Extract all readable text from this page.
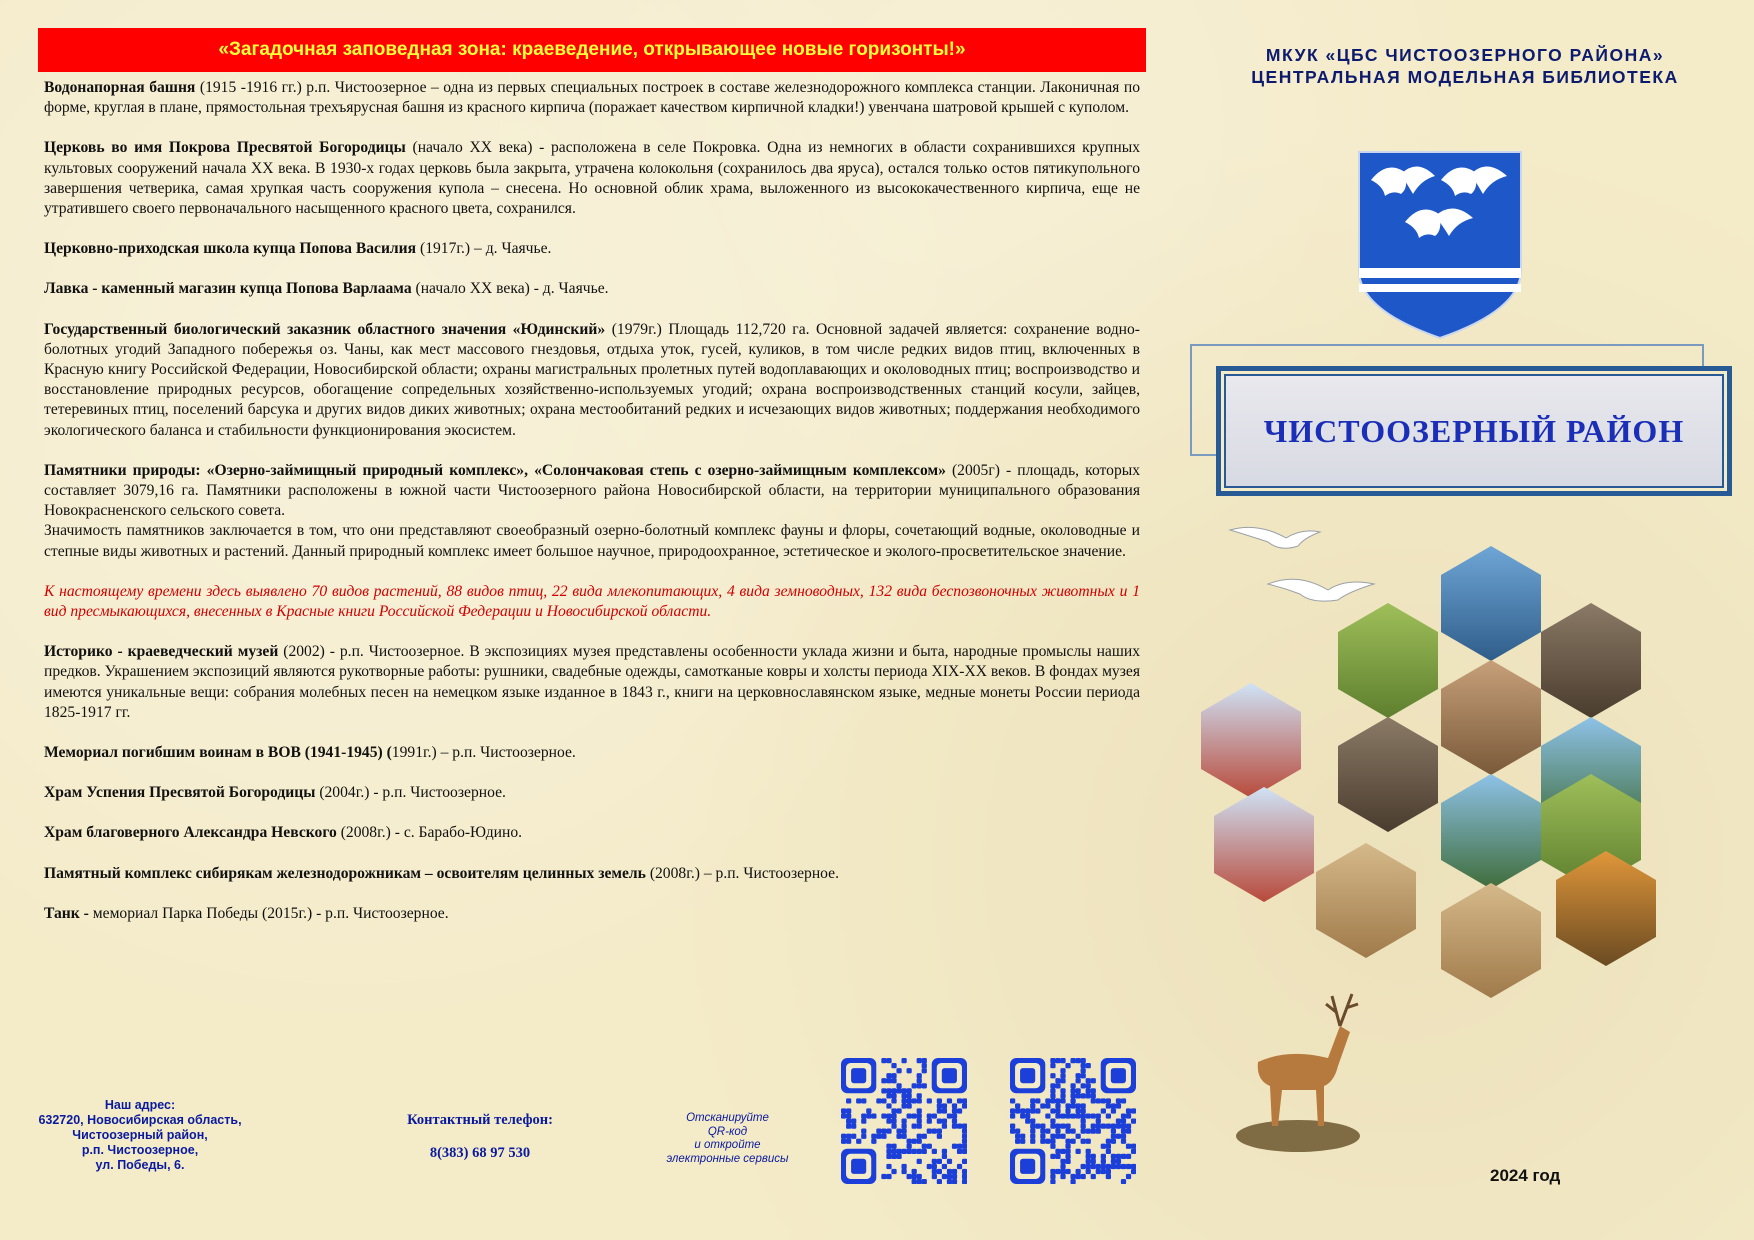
«Загадочная заповедная зона: краеведение, открывающее новые горизонты!»
Водонапорная башня (1915 -1916 гг.) р.п. Чистоозерное – одна из первых специальных построек в составе железнодорожного комплекса станции. Лаконичная по форме, круглая в плане, прямостольная трехъярусная башня из красного кирпича (поражает качеством кирпичной кладки!) увенчана шатровой крышей с куполом.
Церковь во имя Покрова Пресвятой Богородицы (начало ХХ века) - расположена в селе Покровка. Одна из немногих в области сохранившихся крупных культовых сооружений начала ХХ века. В 1930-х годах церковь была закрыта, утрачена колокольня (сохранилось два яруса), остался только остов пятикупольного завершения четверика, самая хрупкая часть сооружения купола – снесена. Но основной облик храма, выложенного из высококачественного кирпича, еще не утратившего своего первоначального насыщенного красного цвета, сохранился.
Церковно-приходская школа купца Попова Василия (1917г.) – д. Чаячье.
Лавка - каменный магазин купца Попова Варлаама (начало ХХ века) - д. Чаячье.
Государственный биологический заказник областного значения «Юдинский» (1979г.) Площадь 112,720 га. Основной задачей является: сохранение водно-болотных угодий Западного побережья оз. Чаны, как мест массового гнездовья, отдыха уток, гусей, куликов, в том числе редких видов птиц, включенных в Красную книгу Российской Федерации, Новосибирской области; охраны магистральных пролетных путей водоплавающих и околоводных птиц; воспроизводство и восстановление природных ресурсов, обогащение сопредельных хозяйственно-используемых угодий; охрана воспроизводственных станций косули, зайцев, тетеревиных птиц, поселений барсука и других видов диких животных; охрана местообитаний редких и исчезающих видов животных; поддержания необходимого экологического баланса и стабильности функционирования экосистем.
Памятники природы: «Озерно-займищный природный комплекс», «Солончаковая степь с озерно-займищным комплексом» (2005г) - площадь, которых составляет 3079,16 га. Памятники расположены в южной части Чистоозерного района Новосибирской области, на территории муниципального образования Новокрасненского сельского совета.
Значимость памятников заключается в том, что они представляют своеобразный озерно-болотный комплекс фауны и флоры, сочетающий водные, околоводные и степные виды животных и растений. Данный природный комплекс имеет большое научное, природоохранное, эстетическое и эколого-просветительское значение.
К настоящему времени здесь выявлено 70 видов растений, 88 видов птиц, 22 вида млекопитающих, 4 вида земноводных, 132 вида беспозвоночных животных и 1 вид пресмыкающихся, внесенных в Красные книги Российской Федерации и Новосибирской области.
Историко - краеведческий музей (2002) - р.п. Чистоозерное. В экспозициях музея представлены особенности уклада жизни и быта, народные промыслы наших предков. Украшением экспозиций являются рукотворные работы: рушники, свадебные одежды, самотканые ковры и холсты периода XIX-XX веков. В фондах музея имеются уникальные вещи: собрания молебных песен на немецком языке изданное в 1843 г., книги на церковнославянском языке, медные монеты России периода 1825-1917 гг.
Мемориал погибшим воинам в ВОВ (1941-1945) (1991г.) – р.п. Чистоозерное.
Храм Успения Пресвятой Богородицы (2004г.) - р.п. Чистоозерное.
Храм благоверного Александра Невского (2008г.) - с. Барабо-Юдино.
Памятный комплекс сибирякам железнодорожникам – освоителям целинных земель (2008г.) – р.п. Чистоозерное.
Танк - мемориал Парка Победы (2015г.) - р.п. Чистоозерное.
Наш адрес:
632720, Новосибирская область,
Чистоозерный район,
р.п. Чистоозерное,
ул. Победы, 6.
Контактный телефон:
8(383) 68 97 530
Отсканируйте
QR-код
и откройте
электронные сервисы
МКУК «ЦБС ЧИСТООЗЕРНОГО РАЙОНА»
ЦЕНТРАЛЬНАЯ МОДЕЛЬНАЯ БИБЛИОТЕКА
ЧИСТООЗЕРНЫЙ РАЙОН
2024 год
